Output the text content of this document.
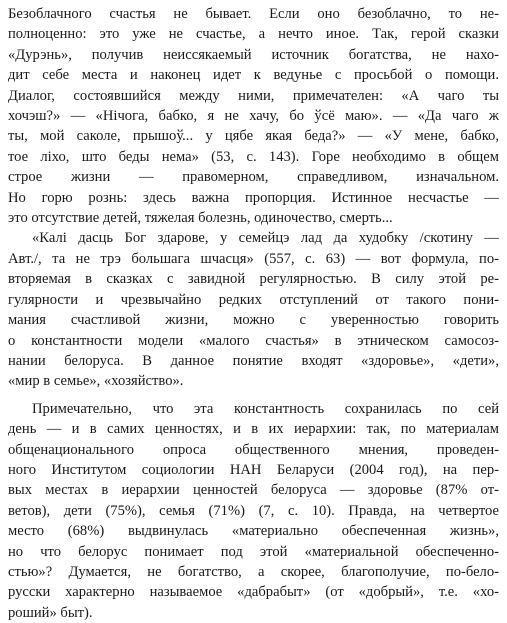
Безоблачного счастья не бывает. Если оно безоблачно, то не-
полноценно: это уже не счастье, а нечто иное. Так, герой сказки
«Дурэнь», получив неиссякаемый источник богатства, не нахо-
дит себе места и наконец идет к ведунье с просьбой о помощи.
Диалог, состоявшийся между ними, примечателен: «А чаго ты
хочэш?» — «Нічога, бабко, я не хачу, бо ўсё маю». — «Да чаго ж
ты, мой саколе, прышоў... у цябе якая беда?» — «У мене, бабко,
тое ліхо, што беды нема» (53, с. 143). Горе необходимо в общем
строе жизни — правомерном, справедливом, изначальном.
Но горю рознь: здесь важна пропорция. Истинное несчастье —
это отсутствие детей, тяжелая болезнь, одиночество, смерть...
«Калі дасць Бог здарове, у семейцэ лад да худобку /скотину —
Авт./, та не трэ большага шчасця» (557, с. 63) — вот формула, по-
вторяемая в сказках с завидной регулярностью. В силу этой ре-
гулярности и чрезвычайно редких отступлений от такого пони-
мания счастливой жизни, можно с уверенностью говорить
о константности модели «малого счастья» в этническом самосоз-
нании белоруса. В данное понятие входят «здоровье», «дети»,
«мир в семье», «хозяйство».
Примечательно, что эта константность сохранилась по сей
день — и в самих ценностях, и в их иерархии: так, по материалам
общенационального опроса общественного мнения, проведен-
ного Институтом социологии НАН Беларуси (2004 год), на пер-
вых местах в иерархии ценностей белоруса — здоровье (87% от-
ветов), дети (75%), семья (71%) (7, с. 10). Правда, на четвертое
место (68%) выдвинулась «материально обеспеченная жизнь»,
но что белорус понимает под этой «материальной обеспеченно-
стью»? Думается, не богатство, а скорее, благополучие, по-бело-
русски характерно называемое «дабрабыт» (от «добрый», т.е. «хо-
роший» быт).
